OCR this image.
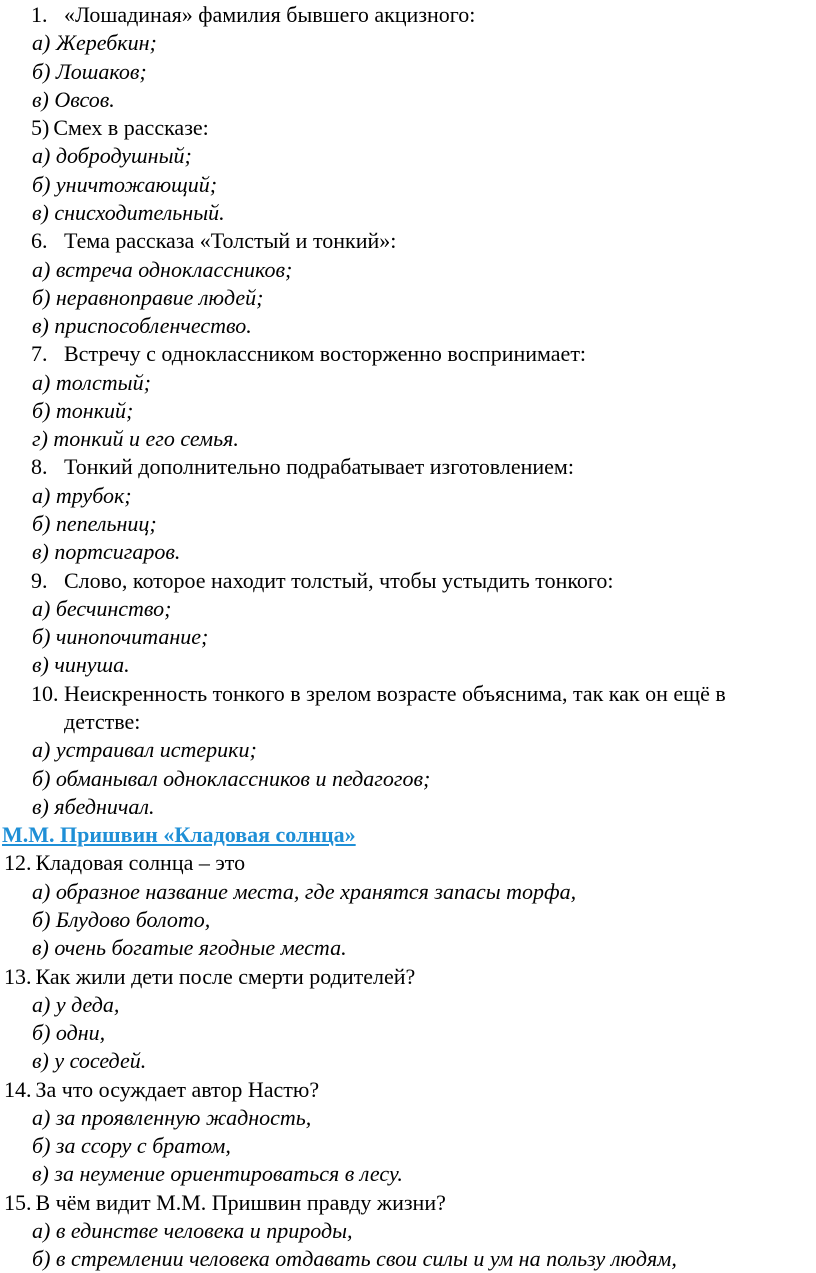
1. «Лошадиная» фамилия бывшего акцизного:
а) Жеребкин;
б) Лошаков;
в) Овсов.
5) Смех в рассказе:
а) добродушный;
б) уничтожающий;
в) снисходительный.
6. Тема рассказа «Толстый и тонкий»:
а) встреча одноклассников;
б) неравноправие людей;
в) приспособленчество.
7. Встречу с одноклассником восторженно воспринимает:
а) толстый;
б) тонкий;
г) тонкий и его семья.
8. Тонкий дополнительно подрабатывает изготовлением:
а) трубок;
б) пепельниц;
в) портсигаров.
9. Слово, которое находит толстый, чтобы устыдить тонкого:
а) бесчинство;
б) чинопочитание;
в) чинуша.
10. Неискренность тонкого в зрелом возрасте объяснима, так как он ещё в
детстве:
а) устраивал истерики;
б) обманывал одноклассников и педагогов;
в) ябедничал.
М.М. Пришвин «Кладовая солнца»
12. Кладовая солнца – это
а) образное название места, где хранятся запасы торфа,
б) Блудово болото,
в) очень богатые ягодные места.
13. Как жили дети после смерти родителей?
а) у деда,
б) одни,
в) у соседей.
14. За что осуждает автор Настю?
а) за проявленную жадность,
б) за ссору с братом,
в) за неумение ориентироваться в лесу.
15. В чём видит М.М. Пришвин правду жизни?
а) в единстве человека и природы,
б) в стремлении человека отдавать свои силы и ум на пользу людям,
